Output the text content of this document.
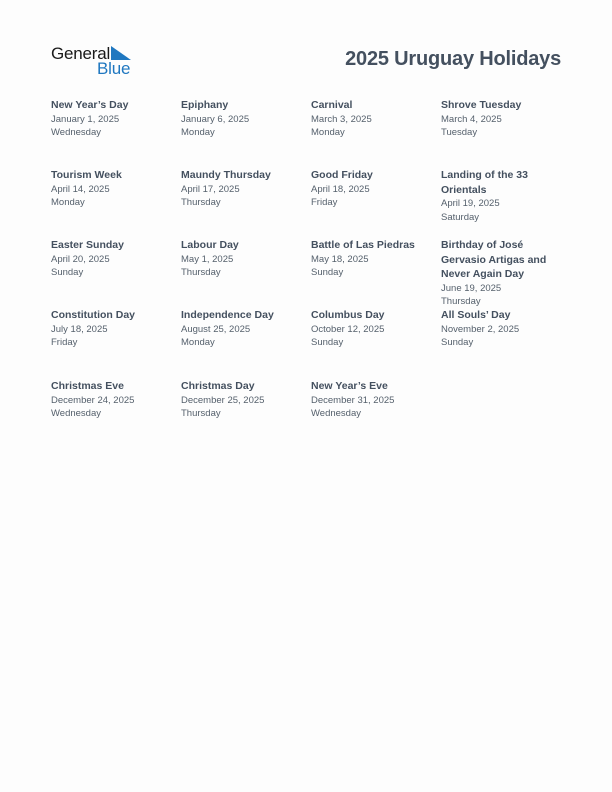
General
Blue	2025 Uruguay Holidays
New Year’s Day
January 1, 2025
Wednesday
Epiphany
January 6, 2025
Monday
Carnival
March 3, 2025
Monday
Shrove Tuesday
March 4, 2025
Tuesday
Tourism Week
April 14, 2025
Monday
Maundy Thursday
April 17, 2025
Thursday
Good Friday
April 18, 2025
Friday
Landing of the 33 Orientals
April 19, 2025
Saturday
Easter Sunday
April 20, 2025
Sunday
Labour Day
May 1, 2025
Thursday
Battle of Las Piedras
May 18, 2025
Sunday
Birthday of José Gervasio Artigas and Never Again Day
June 19, 2025
Thursday
Constitution Day
July 18, 2025
Friday
Independence Day
August 25, 2025
Monday
Columbus Day
October 12, 2025
Sunday
All Souls’ Day
November 2, 2025
Sunday
Christmas Eve
December 24, 2025
Wednesday
Christmas Day
December 25, 2025
Thursday
New Year’s Eve
December 31, 2025
Wednesday
